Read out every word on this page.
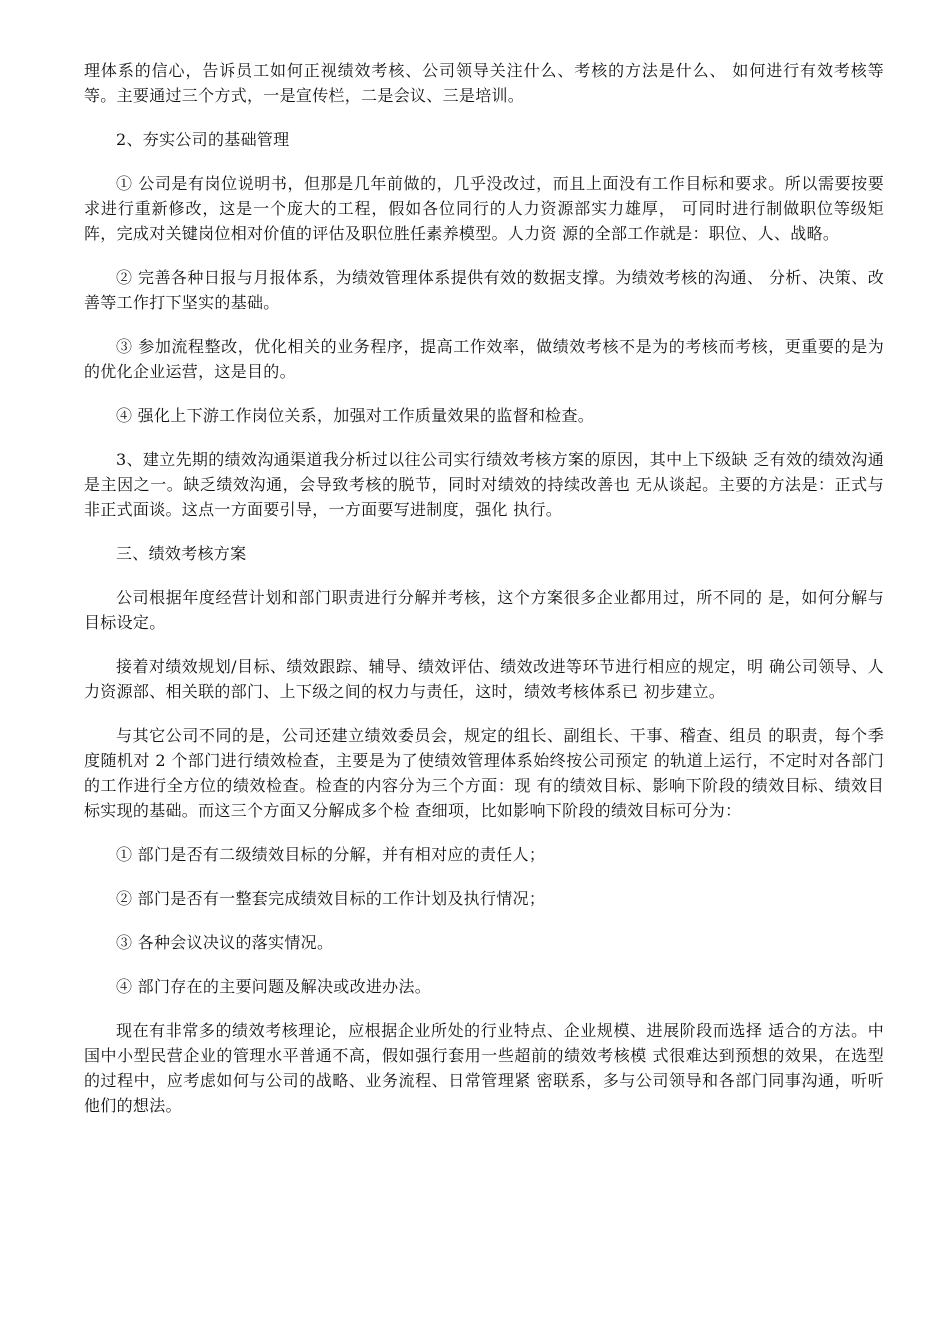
理体系的信心，告诉员工如何正视绩效考核、公司领导关注什么、考核的方法是什么、 如何进行有效考核等等。主要通过三个方式，一是宣传栏，二是会议、三是培训。

2、夯实公司的基础管理

① 公司是有岗位说明书，但那是几年前做的，几乎没改过，而且上面没有工作目标和要求。所以需要按要求进行重新修改，这是一个庞大的工程，假如各位同行的人力资源部实力雄厚， 可同时进行制做职位等级矩阵，完成对关键岗位相对价值的评估及职位胜任素养模型。人力资 源的全部工作就是：职位、人、战略。

② 完善各种日报与月报体系，为绩效管理体系提供有效的数据支撑。为绩效考核的沟通、 分析、决策、改善等工作打下坚实的基础。

③ 参加流程整改，优化相关的业务程序，提高工作效率，做绩效考核不是为的考核而考核，更重要的是为的优化企业运营，这是目的。

④ 强化上下游工作岗位关系，加强对工作质量效果的监督和检查。

3、建立先期的绩效沟通渠道我分析过以往公司实行绩效考核方案的原因，其中上下级缺 乏有效的绩效沟通是主因之一。缺乏绩效沟通，会导致考核的脱节，同时对绩效的持续改善也 无从谈起。主要的方法是：正式与非正式面谈。这点一方面要引导，一方面要写进制度，强化 执行。

三、绩效考核方案

公司根据年度经营计划和部门职责进行分解并考核，这个方案很多企业都用过，所不同的 是，如何分解与目标设定。

接着对绩效规划/目标、绩效跟踪、辅导、绩效评估、绩效改进等环节进行相应的规定，明 确公司领导、人力资源部、相关联的部门、上下级之间的权力与责任，这时，绩效考核体系已 初步建立。

与其它公司不同的是，公司还建立绩效委员会，规定的组长、副组长、干事、稽查、组员 的职责，每个季度随机对 2 个部门进行绩效检查，主要是为了使绩效管理体系始终按公司预定 的轨道上运行，不定时对各部门的工作进行全方位的绩效检查。检查的内容分为三个方面：现 有的绩效目标、影响下阶段的绩效目标、绩效目标实现的基础。而这三个方面又分解成多个检 查细项，比如影响下阶段的绩效目标可分为：

① 部门是否有二级绩效目标的分解，并有相对应的责任人；

② 部门是否有一整套完成绩效目标的工作计划及执行情况；

③ 各种会议决议的落实情况。

④ 部门存在的主要问题及解决或改进办法。

现在有非常多的绩效考核理论，应根据企业所处的行业特点、企业规模、进展阶段而选择 适合的方法。中国中小型民营企业的管理水平普通不高，假如强行套用一些超前的绩效考核模 式很难达到预想的效果，在选型的过程中，应考虑如何与公司的战略、业务流程、日常管理紧 密联系，多与公司领导和各部门同事沟通，听听他们的想法。
